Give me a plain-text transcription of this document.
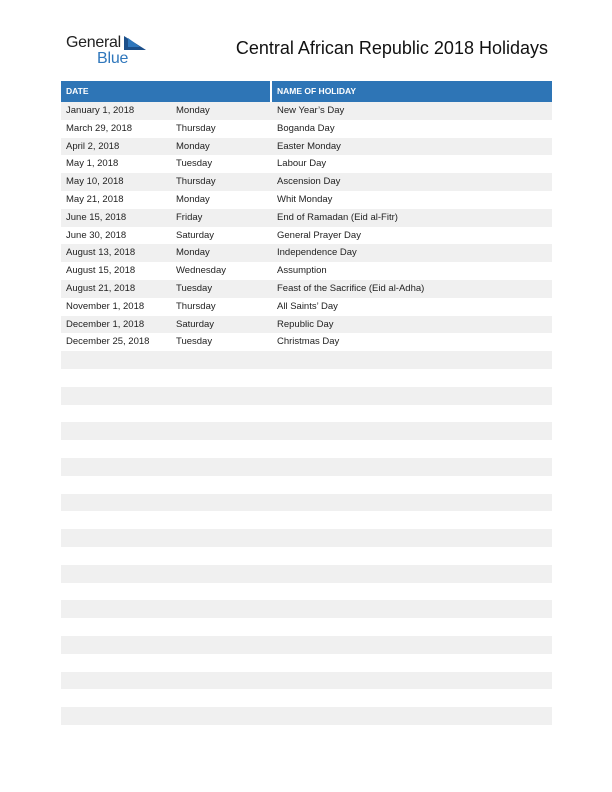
General
Blue
Central African Republic 2018 Holidays
DATE	NAME OF HOLIDAY
January 1, 2018	Monday	New Year’s Day
March 29, 2018	Thursday	Boganda Day
April 2, 2018	Monday	Easter Monday
May 1, 2018	Tuesday	Labour Day
May 10, 2018	Thursday	Ascension Day
May 21, 2018	Monday	Whit Monday
June 15, 2018	Friday	End of Ramadan (Eid al-Fitr)
June 30, 2018	Saturday	General Prayer Day
August 13, 2018	Monday	Independence Day
August 15, 2018	Wednesday	Assumption
August 21, 2018	Tuesday	Feast of the Sacrifice (Eid al-Adha)
November 1, 2018	Thursday	All Saints’ Day
December 1, 2018	Saturday	Republic Day
December 25, 2018	Tuesday	Christmas Day
